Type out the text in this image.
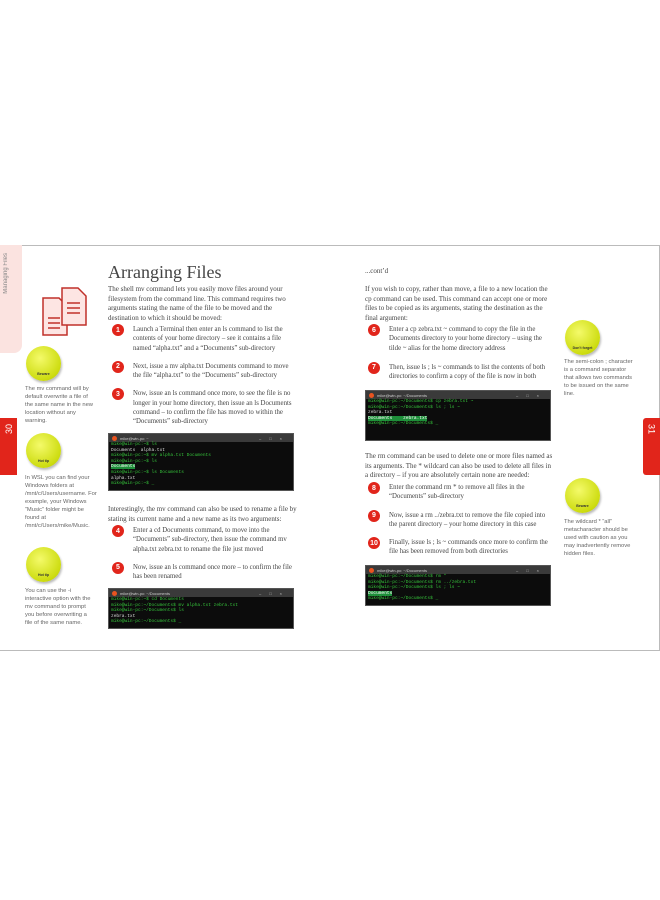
Managing Files
30	31
Arranging Files
The shell mv command lets you easily move files around your filesystem from the command line. This command requires two arguments stating the name of the file to be moved and the destination to which it should be moved:
1	Launch a Terminal then enter an ls command to list the contents of your home directory – see it contains a file named “alpha.txt” and a “Documents” sub-directory
2	Next, issue a mv alpha.txt Documents command to move the file “alpha.txt” to the “Documents” sub-directory
3	Now, issue an ls command once more, to see the file is no longer in your home directory, then issue an ls Documents command – to confirm the file has moved to within the “Documents” sub-directory
mike@win-pc: ~	–□×
mike@win-pc:~$ ls
Documents  alpha.txt
mike@win-pc:~$ mv alpha.txt Documents
mike@win-pc:~$ ls
Documents
mike@win-pc:~$ ls Documents
alpha.txt
mike@win-pc:~$ _
Interestingly, the mv command can also be used to rename a file by stating its current name and a new name as its two arguments:
4	Enter a cd Documents command, to move into the “Documents” sub-directory, then issue the command mv alpha.txt zebra.txt to rename the file just moved
5	Now, issue an ls command once more – to confirm the file has been renamed
mike@win-pc: ~/Documents	–□×
mike@win-pc:~$ cd Documents
mike@win-pc:~/Documents$ mv alpha.txt zebra.txt
mike@win-pc:~/Documents$ ls
zebra.txt
mike@win-pc:~/Documents$ _
Beware
The mv command will by default overwrite a file of the same name in the new location without any warning.
Hot tip
In WSL you can find your Windows folders at /mnt/c/Users/username. For example, your Windows “Music” folder might be found at /mnt/c/Users/mike/Music.
Hot tip
You can use the -i interactive option with the mv command to prompt you before overwriting a file of the same name.
...cont’d
If you wish to copy, rather than move, a file to a new location the cp command can be used. This command can accept one or more files to be copied as its arguments, stating the destination as the final argument:
6	Enter a cp zebra.txt ~ command to copy the file in the Documents directory to your home directory – using the tilde ~ alias for the home directory address
7	Then, issue ls ; ls ~ commands to list the contents of both directories to confirm a copy of the file is now in both
mike@win-pc: ~/Documents	–□×
mike@win-pc:~/Documents$ cp zebra.txt ~
mike@win-pc:~/Documents$ ls ; ls ~
zebra.txt
Documents    zebra.txt
mike@win-pc:~/Documents$ _
The rm command can be used to delete one or more files named as its arguments. The * wildcard can also be used to delete all files in a directory – if you are absolutely certain none are needed:
8	Enter the command rm * to remove all files in the “Documents” sub-directory
9	Now, issue a rm ../zebra.txt to remove the file copied into the parent directory – your home directory in this case
10	Finally, issue ls ; ls ~ commands once more to confirm the file has been removed from both directories
mike@win-pc: ~/Documents	–□×
mike@win-pc:~/Documents$ rm *
mike@win-pc:~/Documents$ rm ../zebra.txt
mike@win-pc:~/Documents$ ls ; ls ~
Documents
mike@win-pc:~/Documents$ _
Don’t forget
The semi-colon ; character is a command separator that allows two commands to be issued on the same line.
Beware
The wildcard * “all” metacharacter should be used with caution as you may inadvertently remove hidden files.
